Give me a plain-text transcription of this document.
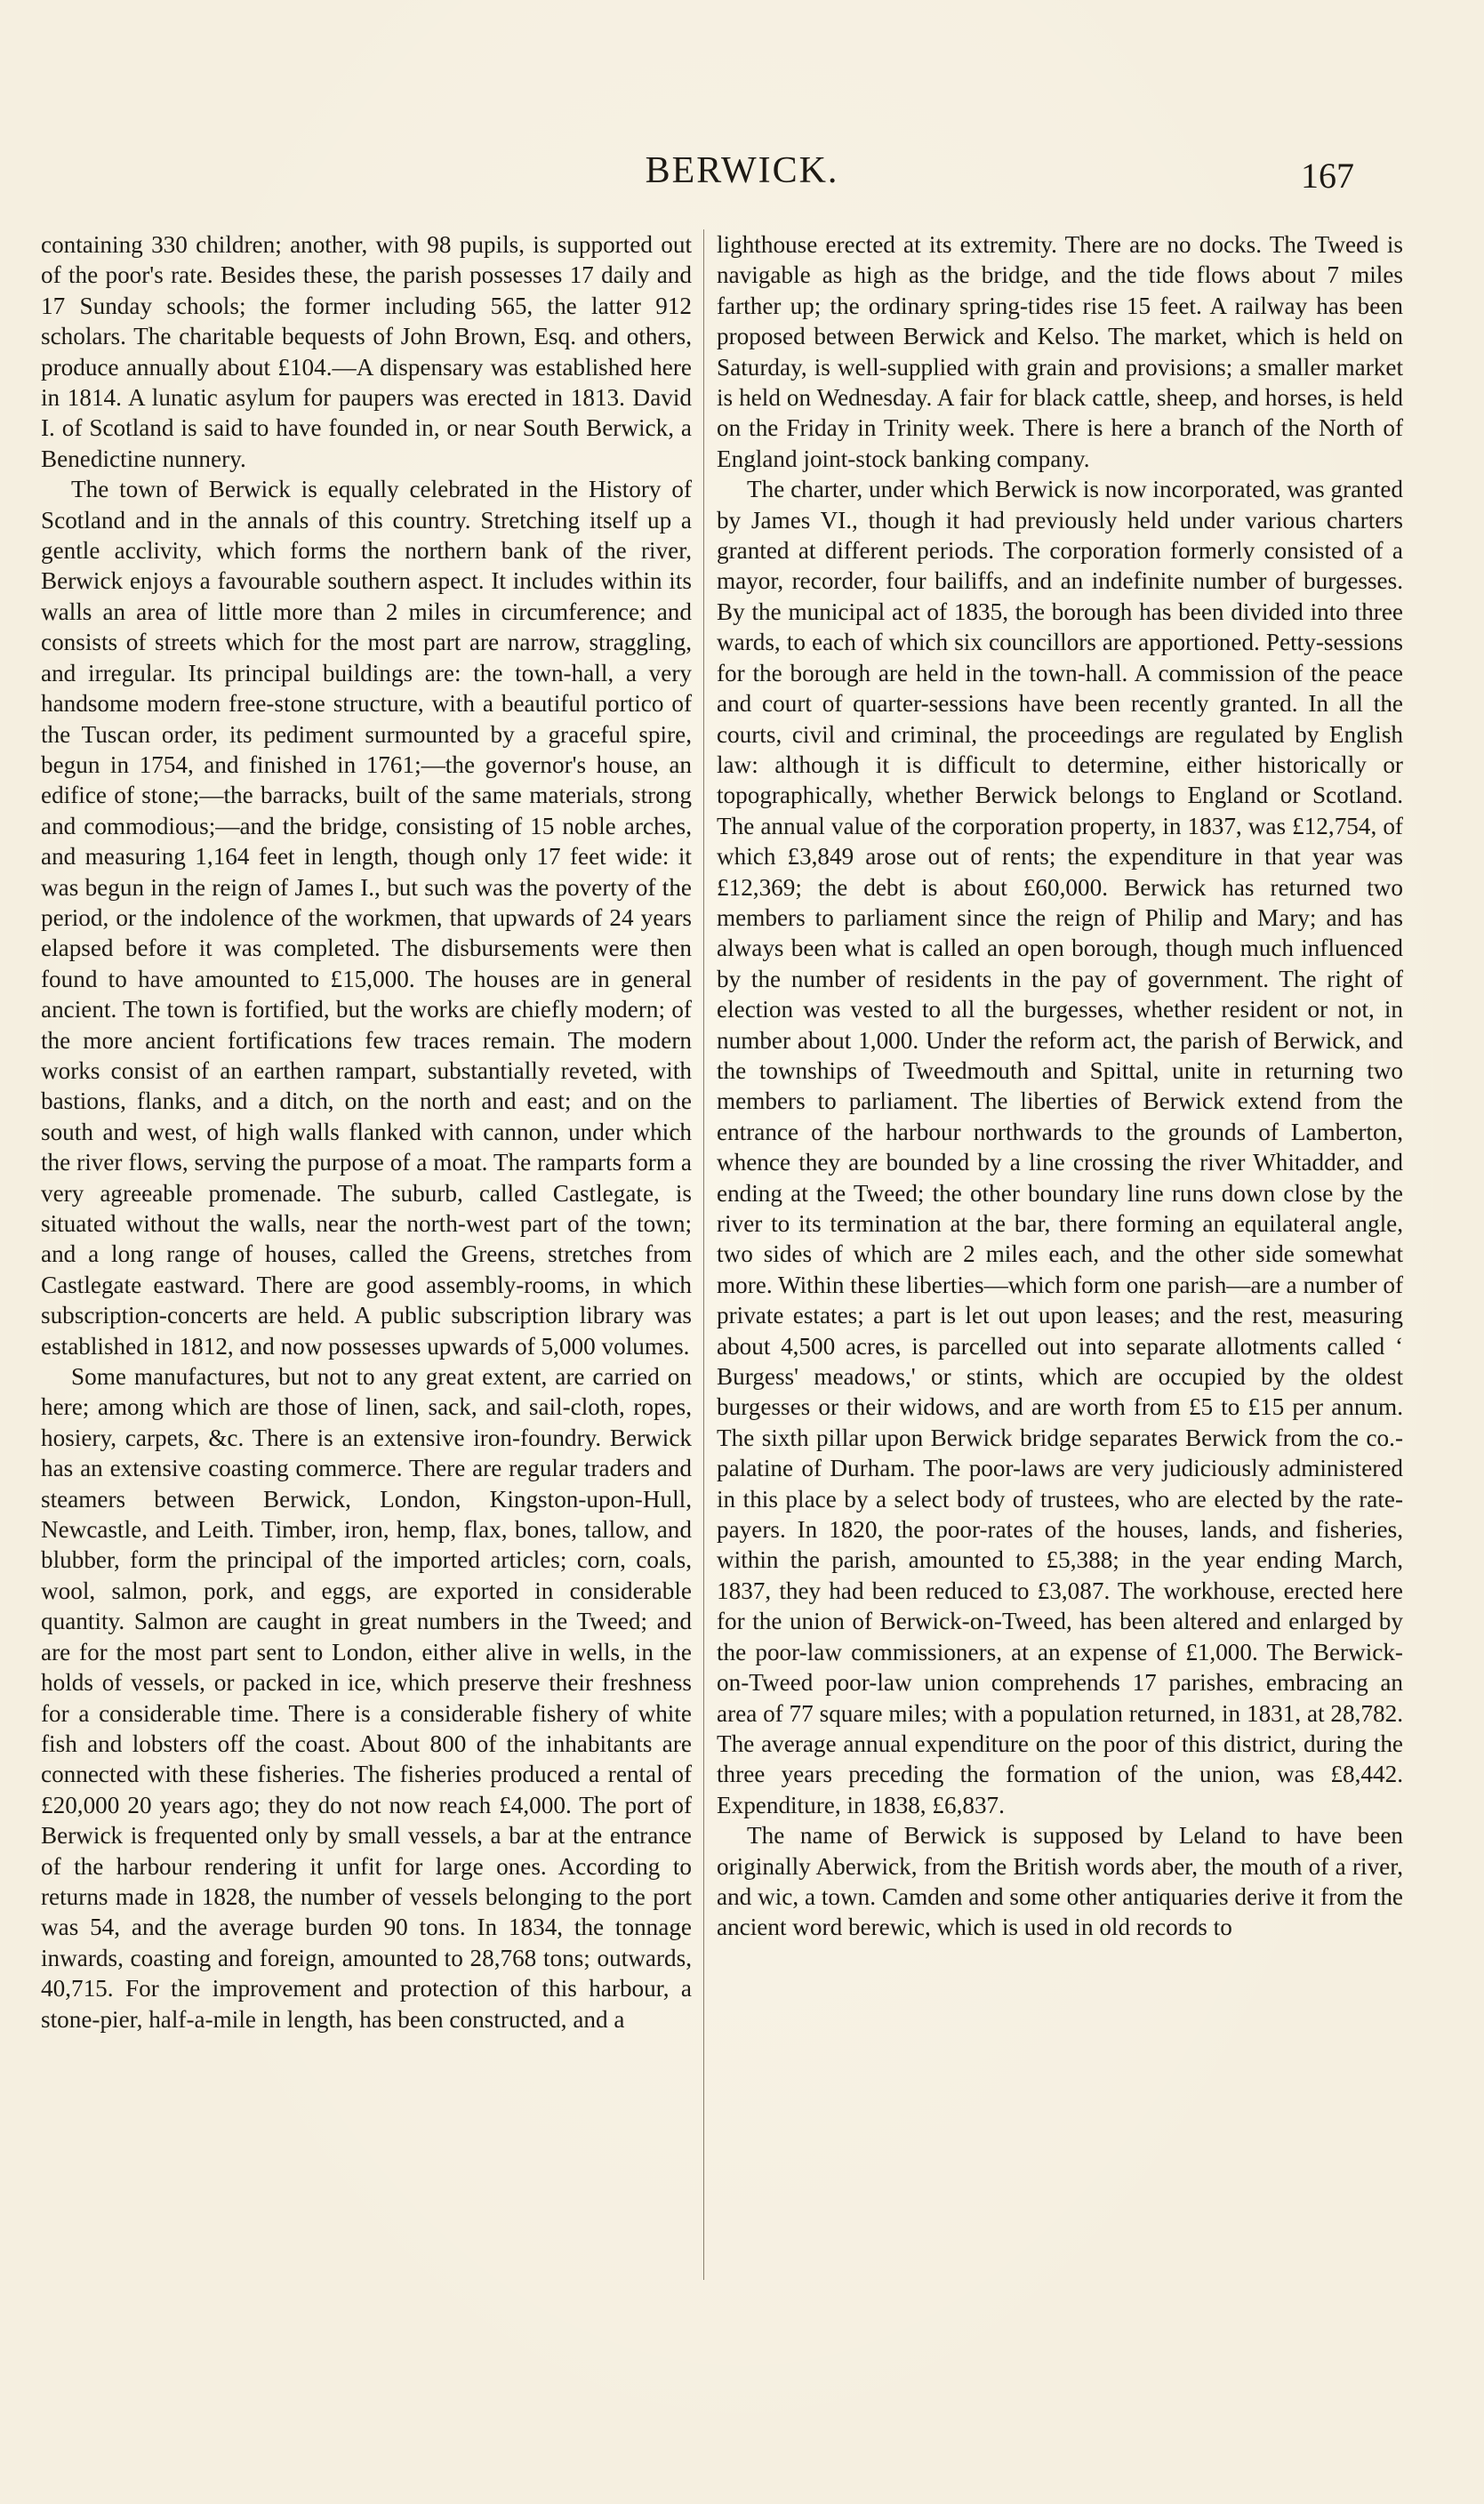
BERWICK.	167

containing 330 children; another, with 98 pupils, is supported out of the poor's rate. Besides these, the parish possesses 17 daily and 17 Sunday schools; the former including 565, the latter 912 scholars. The charitable bequests of John Brown, Esq. and others, produce annually about £104.—A dispensary was established here in 1814. A lunatic asylum for paupers was erected in 1813. David I. of Scotland is said to have founded in, or near South Berwick, a Benedictine nunnery.

The town of Berwick is equally celebrated in the History of Scotland and in the annals of this country. Stretching itself up a gentle acclivity, which forms the northern bank of the river, Berwick enjoys a favourable southern aspect. It includes within its walls an area of little more than 2 miles in circumference; and consists of streets which for the most part are narrow, straggling, and irregular. Its principal buildings are: the town-hall, a very handsome modern free-stone structure, with a beautiful portico of the Tuscan order, its pediment surmounted by a graceful spire, begun in 1754, and finished in 1761;—the governor's house, an edifice of stone;—the barracks, built of the same materials, strong and commodious;—and the bridge, consisting of 15 noble arches, and measuring 1,164 feet in length, though only 17 feet wide: it was begun in the reign of James I., but such was the poverty of the period, or the indolence of the workmen, that upwards of 24 years elapsed before it was completed. The disbursements were then found to have amounted to £15,000. The houses are in general ancient. The town is fortified, but the works are chiefly modern; of the more ancient fortifications few traces remain. The modern works consist of an earthen rampart, substantially reveted, with bastions, flanks, and a ditch, on the north and east; and on the south and west, of high walls flanked with cannon, under which the river flows, serving the purpose of a moat. The ramparts form a very agreeable promenade. The suburb, called Castlegate, is situated without the walls, near the north-west part of the town; and a long range of houses, called the Greens, stretches from Castlegate eastward. There are good assembly-rooms, in which subscription-concerts are held. A public subscription library was established in 1812, and now possesses upwards of 5,000 volumes.

Some manufactures, but not to any great extent, are carried on here; among which are those of linen, sack, and sail-cloth, ropes, hosiery, carpets, &c. There is an extensive iron-foundry. Berwick has an extensive coasting commerce. There are regular traders and steamers between Berwick, London, Kingston-upon-Hull, Newcastle, and Leith. Timber, iron, hemp, flax, bones, tallow, and blubber, form the principal of the imported articles; corn, coals, wool, salmon, pork, and eggs, are exported in considerable quantity. Salmon are caught in great numbers in the Tweed; and are for the most part sent to London, either alive in wells, in the holds of vessels, or packed in ice, which preserve their freshness for a considerable time. There is a considerable fishery of white fish and lobsters off the coast. About 800 of the inhabitants are connected with these fisheries. The fisheries produced a rental of £20,000 20 years ago; they do not now reach £4,000. The port of Berwick is frequented only by small vessels, a bar at the entrance of the harbour rendering it unfit for large ones. According to returns made in 1828, the number of vessels belonging to the port was 54, and the average burden 90 tons. In 1834, the tonnage inwards, coasting and foreign, amounted to 28,768 tons; outwards, 40,715. For the improvement and protection of this harbour, a stone-pier, half-a-mile in length, has been constructed, and a

lighthouse erected at its extremity. There are no docks. The Tweed is navigable as high as the bridge, and the tide flows about 7 miles farther up; the ordinary spring-tides rise 15 feet. A railway has been proposed between Berwick and Kelso. The market, which is held on Saturday, is well-supplied with grain and provisions; a smaller market is held on Wednesday. A fair for black cattle, sheep, and horses, is held on the Friday in Trinity week. There is here a branch of the North of England joint-stock banking company.

The charter, under which Berwick is now incorporated, was granted by James VI., though it had previously held under various charters granted at different periods. The corporation formerly consisted of a mayor, recorder, four bailiffs, and an indefinite number of burgesses. By the municipal act of 1835, the borough has been divided into three wards, to each of which six councillors are apportioned. Petty-sessions for the borough are held in the town-hall. A commission of the peace and court of quarter-sessions have been recently granted. In all the courts, civil and criminal, the proceedings are regulated by English law: although it is difficult to determine, either historically or topographically, whether Berwick belongs to England or Scotland. The annual value of the corporation property, in 1837, was £12,754, of which £3,849 arose out of rents; the expenditure in that year was £12,369; the debt is about £60,000. Berwick has returned two members to parliament since the reign of Philip and Mary; and has always been what is called an open borough, though much influenced by the number of residents in the pay of government. The right of election was vested to all the burgesses, whether resident or not, in number about 1,000. Under the reform act, the parish of Berwick, and the townships of Tweedmouth and Spittal, unite in returning two members to parliament. The liberties of Berwick extend from the entrance of the harbour northwards to the grounds of Lamberton, whence they are bounded by a line crossing the river Whitadder, and ending at the Tweed; the other boundary line runs down close by the river to its termination at the bar, there forming an equilateral angle, two sides of which are 2 miles each, and the other side somewhat more. Within these liberties—which form one parish—are a number of private estates; a part is let out upon leases; and the rest, measuring about 4,500 acres, is parcelled out into separate allotments called ‘ Burgess' meadows,' or stints, which are occupied by the oldest burgesses or their widows, and are worth from £5 to £15 per annum. The sixth pillar upon Berwick bridge separates Berwick from the co.-palatine of Durham. The poor-laws are very judiciously administered in this place by a select body of trustees, who are elected by the rate-payers. In 1820, the poor-rates of the houses, lands, and fisheries, within the parish, amounted to £5,388; in the year ending March, 1837, they had been reduced to £3,087. The workhouse, erected here for the union of Berwick-on-Tweed, has been altered and enlarged by the poor-law commissioners, at an expense of £1,000. The Berwick-on-Tweed poor-law union comprehends 17 parishes, embracing an area of 77 square miles; with a population returned, in 1831, at 28,782. The average annual expenditure on the poor of this district, during the three years preceding the formation of the union, was £8,442. Expenditure, in 1838, £6,837.

The name of Berwick is supposed by Leland to have been originally Aberwick, from the British words aber, the mouth of a river, and wic, a town. Camden and some other antiquaries derive it from the ancient word berewic, which is used in old records to
